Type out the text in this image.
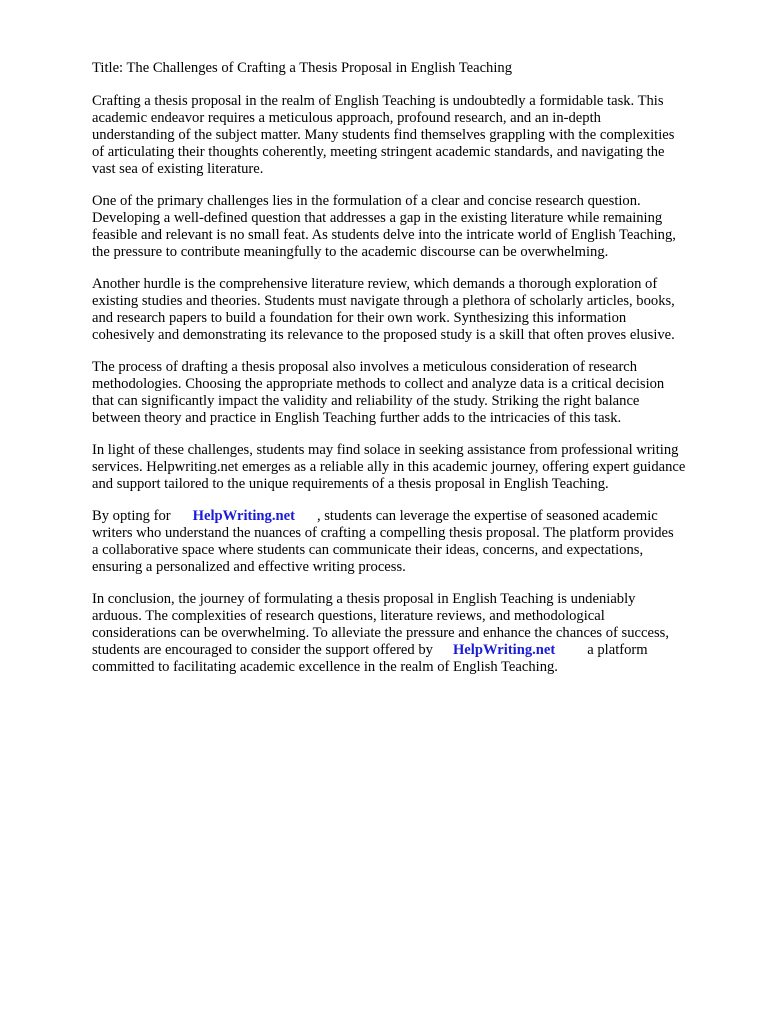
Title: The Challenges of Crafting a Thesis Proposal in English Teaching

Crafting a thesis proposal in the realm of English Teaching is undoubtedly a formidable task. This
academic endeavor requires a meticulous approach, profound research, and an in-depth
understanding of the subject matter. Many students find themselves grappling with the complexities
of articulating their thoughts coherently, meeting stringent academic standards, and navigating the
vast sea of existing literature.

One of the primary challenges lies in the formulation of a clear and concise research question.
Developing a well-defined question that addresses a gap in the existing literature while remaining
feasible and relevant is no small feat. As students delve into the intricate world of English Teaching,
the pressure to contribute meaningfully to the academic discourse can be overwhelming.

Another hurdle is the comprehensive literature review, which demands a thorough exploration of
existing studies and theories. Students must navigate through a plethora of scholarly articles, books,
and research papers to build a foundation for their own work. Synthesizing this information
cohesively and demonstrating its relevance to the proposed study is a skill that often proves elusive.

The process of drafting a thesis proposal also involves a meticulous consideration of research
methodologies. Choosing the appropriate methods to collect and analyze data is a critical decision
that can significantly impact the validity and reliability of the study. Striking the right balance
between theory and practice in English Teaching further adds to the intricacies of this task.

In light of these challenges, students may find solace in seeking assistance from professional writing
services. Helpwriting.net emerges as a reliable ally in this academic journey, offering expert guidance
and support tailored to the unique requirements of a thesis proposal in English Teaching.

By opting for HelpWriting.net , students can leverage the expertise of seasoned academic
writers who understand the nuances of crafting a compelling thesis proposal. The platform provides
a collaborative space where students can communicate their ideas, concerns, and expectations,
ensuring a personalized and effective writing process.

In conclusion, the journey of formulating a thesis proposal in English Teaching is undeniably
arduous. The complexities of research questions, literature reviews, and methodological
considerations can be overwhelming. To alleviate the pressure and enhance the chances of success,
students are encouraged to consider the support offered by HelpWriting.net a platform
committed to facilitating academic excellence in the realm of English Teaching.
